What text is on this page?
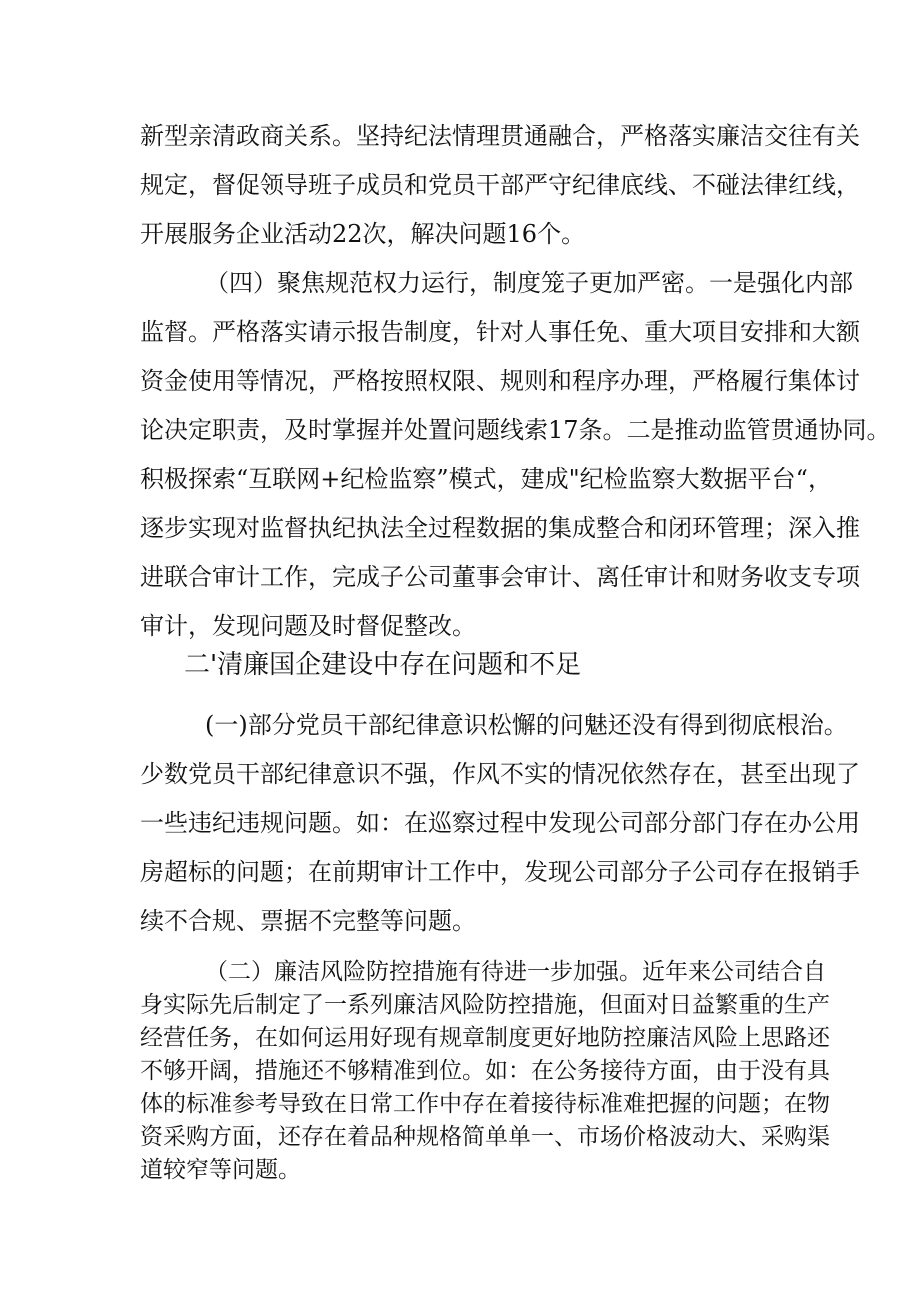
新型亲清政商关系。坚持纪法情理贯通融合，严格落实廉洁交往有关
规定，督促领导班子成员和党员干部严守纪律底线、不碰法律红线，
开展服务企业活动22次，解决问题16个。
（四）聚焦规范权力运行，制度笼子更加严密。一是强化内部
监督。严格落实请示报告制度，针对人事任免、重大项目安排和大额
资金使用等情况，严格按照权限、规则和程序办理，严格履行集体讨
论决定职责，及时掌握并处置问题线索17条。二是推动监管贯通协同。
积极探索“互联网+纪检监察”模式，建成"纪检监察大数据平台“，
逐步实现对监督执纪执法全过程数据的集成整合和闭环管理；深入推
进联合审计工作，完成子公司董事会审计、离任审计和财务收支专项
审计，发现问题及时督促整改。
二'清廉国企建设中存在问题和不足
(一)部分党员干部纪律意识松懈的问魅还没有得到彻底根治。
少数党员干部纪律意识不强，作风不实的情况依然存在，甚至出现了
一些违纪违规问题。如：在巡察过程中发现公司部分部门存在办公用
房超标的问题；在前期审计工作中，发现公司部分子公司存在报销手
续不合规、票据不完整等问题。
（二）廉洁风险防控措施有待进一步加强。近年来公司结合自
身实际先后制定了一系列廉洁风险防控措施，但面对日益繁重的生产
经营任务，在如何运用好现有规章制度更好地防控廉洁风险上思路还
不够开阔，措施还不够精准到位。如：在公务接待方面，由于没有具
体的标准参考导致在日常工作中存在着接待标准难把握的问题；在物
资采购方面，还存在着品种规格简单单一、市场价格波动大、采购渠
道较窄等问题。
